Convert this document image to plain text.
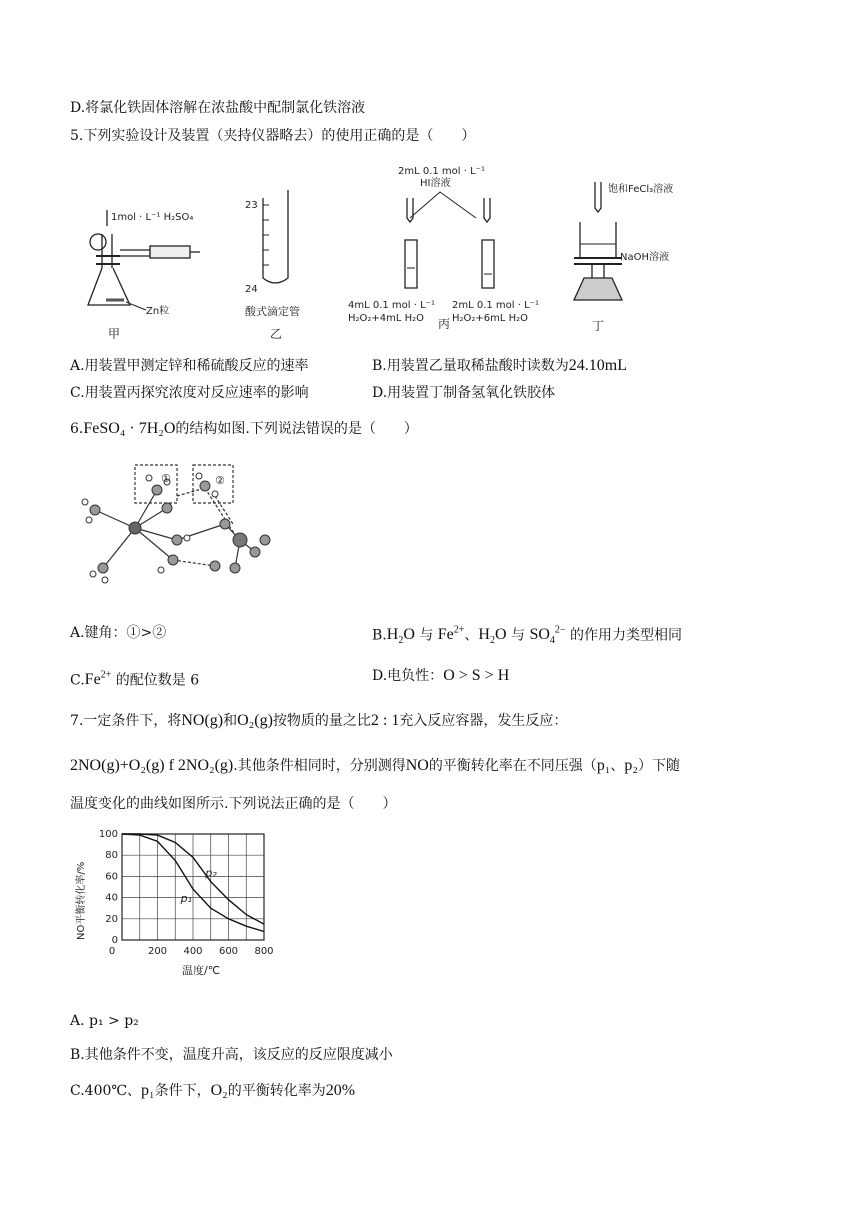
D.将氯化铁固体溶解在浓盐酸中配制氯化铁溶液
5.下列实验设计及装置（夹持仪器略去）的使用正确的是（　　）
1mol · L⁻¹ H₂SO₄
Zn粒
甲
23
24
酸式滴定管
乙
2mL 0.1 mol · L⁻¹
HI溶液
4mL 0.1 mol · L⁻¹
H₂O₂+4mL H₂O
2mL 0.1 mol · L⁻¹
H₂O₂+6mL H₂O
丙
饱和FeCl₃溶液
NaOH溶液
丁
A.用装置甲测定锌和稀硫酸反应的速率	B.用装置乙量取稀盐酸时读数为24.10mL
C.用装置丙探究浓度对反应速率的影响	D.用装置丁制备氢氧化铁胶体
6.FeSO₄ · 7H₂O的结构如图.下列说法错误的是（　　）
①	②
A.键角：①>②	$B.H_2O$ 与 $Fe^{2+}$、$H_2O$ 与 $SO_4^{2-}$ 的作用力类型相同
$C.Fe^{2+}$ 的配位数是 6	D.电负性：O > S > H
7.一定条件下，将NO(g)和O₂(g)按物质的量之比2 : 1充入反应容器，发生反应：
2NO(g)+O₂(g) f 2NO₂(g).其他条件相同时，分别测得NO的平衡转化率在不同压强（p₁、p₂）下随
温度变化的曲线如图所示.下列说法正确的是（　　）
NO平衡转化率/%
温度/℃
0
20
40
60
80
100
0	200 400 600 800
p₁
p₂
A. p₁ > p₂
B.其他条件不变，温度升高，该反应的反应限度减小
C.400℃、p₁条件下，O₂的平衡转化率为20%
